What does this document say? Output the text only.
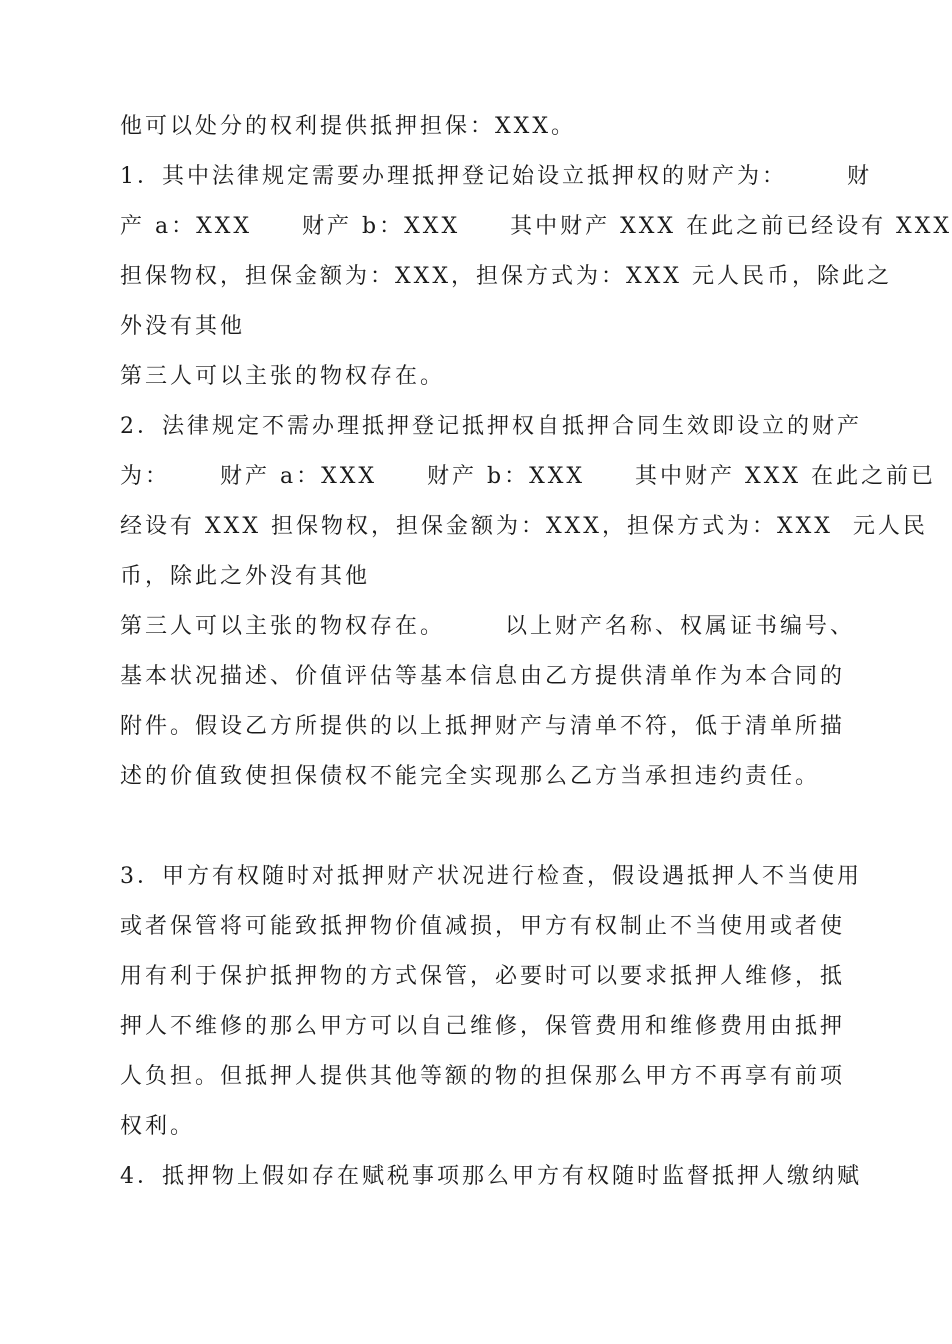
他可以处分的权利提供抵押担保：XXX。
1．其中法律规定需要办理抵押登记始设立抵押权的财产为：      财
产 a：XXX     财产 b：XXX     其中财产 XXX 在此之前已经设有 XXX
担保物权，担保金额为：XXX，担保方式为：XXX 元人民币，除此之
外没有其他
第三人可以主张的物权存在。
2．法律规定不需办理抵押登记抵押权自抵押合同生效即设立的财产
为：     财产 a：XXX     财产 b：XXX     其中财产 XXX 在此之前已
经设有 XXX 担保物权，担保金额为：XXX，担保方式为：XXX  元人民
币，除此之外没有其他
第三人可以主张的物权存在。      以上财产名称、权属证书编号、
基本状况描述、价值评估等基本信息由乙方提供清单作为本合同的
附件。假设乙方所提供的以上抵押财产与清单不符，低于清单所描
述的价值致使担保债权不能完全实现那么乙方当承担违约责任。
3．甲方有权随时对抵押财产状况进行检查，假设遇抵押人不当使用
或者保管将可能致抵押物价值减损，甲方有权制止不当使用或者使
用有利于保护抵押物的方式保管，必要时可以要求抵押人维修，抵
押人不维修的那么甲方可以自己维修，保管费用和维修费用由抵押
人负担。但抵押人提供其他等额的物的担保那么甲方不再享有前项
权利。
4．抵押物上假如存在赋税事项那么甲方有权随时监督抵押人缴纳赋
